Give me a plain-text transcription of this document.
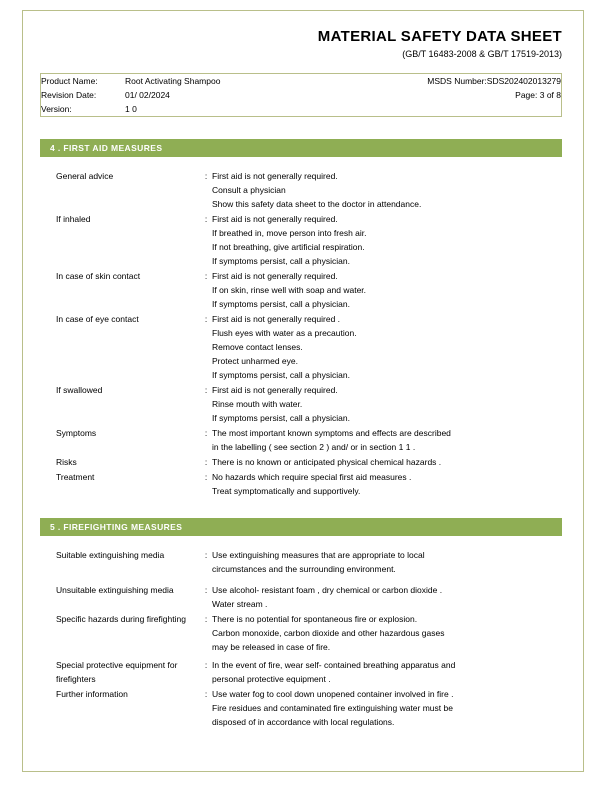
MATERIAL SAFETY DATA SHEET
(GB/T 16483-2008 & GB/T 17519-2013)
Product Name:	Root Activating Shampoo
Revision Date:	01/ 02/2024
Version:	1 0

MSDS Number:SDS202402013279
Page: 3 of 8
4 . FIRST AID MEASURES
General advice	: First aid is not generally required.
Consult a physician
Show this safety data sheet to the doctor in attendance.
If inhaled	: First aid is not generally required.
If breathed in, move person into fresh air.
If not breathing, give artificial respiration.
If symptoms persist, call a physician.
In case of skin contact	: First aid is not generally required.
If on skin, rinse well with soap and water.
If symptoms persist, call a physician.
In case of eye contact	: First aid is not generally required .
Flush eyes with water as a precaution.
Remove contact lenses.
Protect unharmed eye.
If symptoms persist, call a physician.
If swallowed	: First aid is not generally required.
Rinse mouth with water.
If symptoms persist, call a physician.
Symptoms	: The most important known symptoms and effects are described
in the labelling ( see section 2 ) and/ or in section 1 1 .
Risks	: There is no known or anticipated physical chemical hazards .
Treatment	: No hazards which require special first aid measures .
Treat symptomatically and supportively.
5 . FIREFIGHTING MEASURES
Suitable extinguishing media	: Use extinguishing measures that are appropriate to local
circumstances and the surrounding environment.
Unsuitable extinguishing media	: Use alcohol- resistant foam , dry chemical or carbon dioxide .
Water stream .
Specific hazards during firefighting	: There is no potential for spontaneous fire or explosion.
Carbon monoxide, carbon dioxide and other hazardous gases
may be released in case of fire.
Special protective equipment for firefighters
: In the event of fire, wear self- contained breathing apparatus and
personal protective equipment .
Further information	: Use water fog to cool down unopened container involved in fire .
Fire residues and contaminated fire extinguishing water must be
disposed of in accordance with local regulations.
